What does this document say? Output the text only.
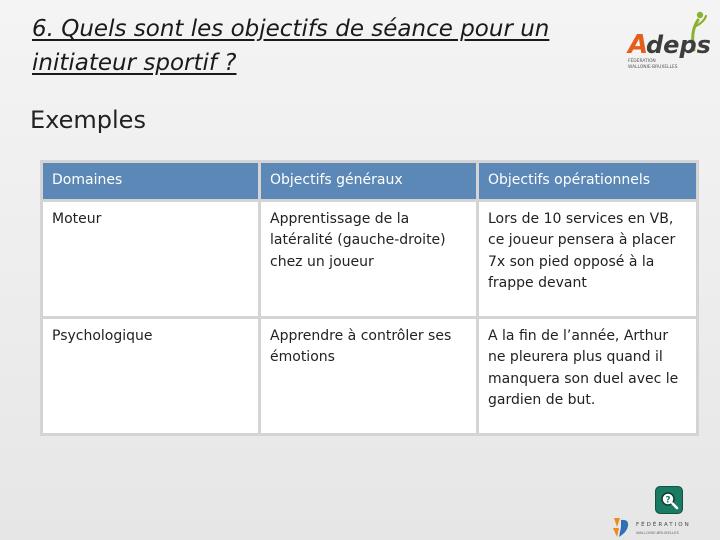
6. Quels sont les objectifs de séance pour un
initiateur sportif ?
A
deps
FÉDÉRATION
WALLONIE-BRUXELLES
Exemples
Domaines	Objectifs généraux	Objectifs opérationnels
Moteur	Apprentissage de la latéralité (gauche-droite) chez un joueur	Lors de 10 services en VB, ce joueur pensera à placer 7x son pied opposé à la frappe devant
Psychologique	Apprendre à contrôler ses émotions	A la fin de l’année, Arthur ne pleurera plus quand il manquera son duel avec le gardien de but.
?
FÉDÉRATION
WALLONIE-BRUXELLES
